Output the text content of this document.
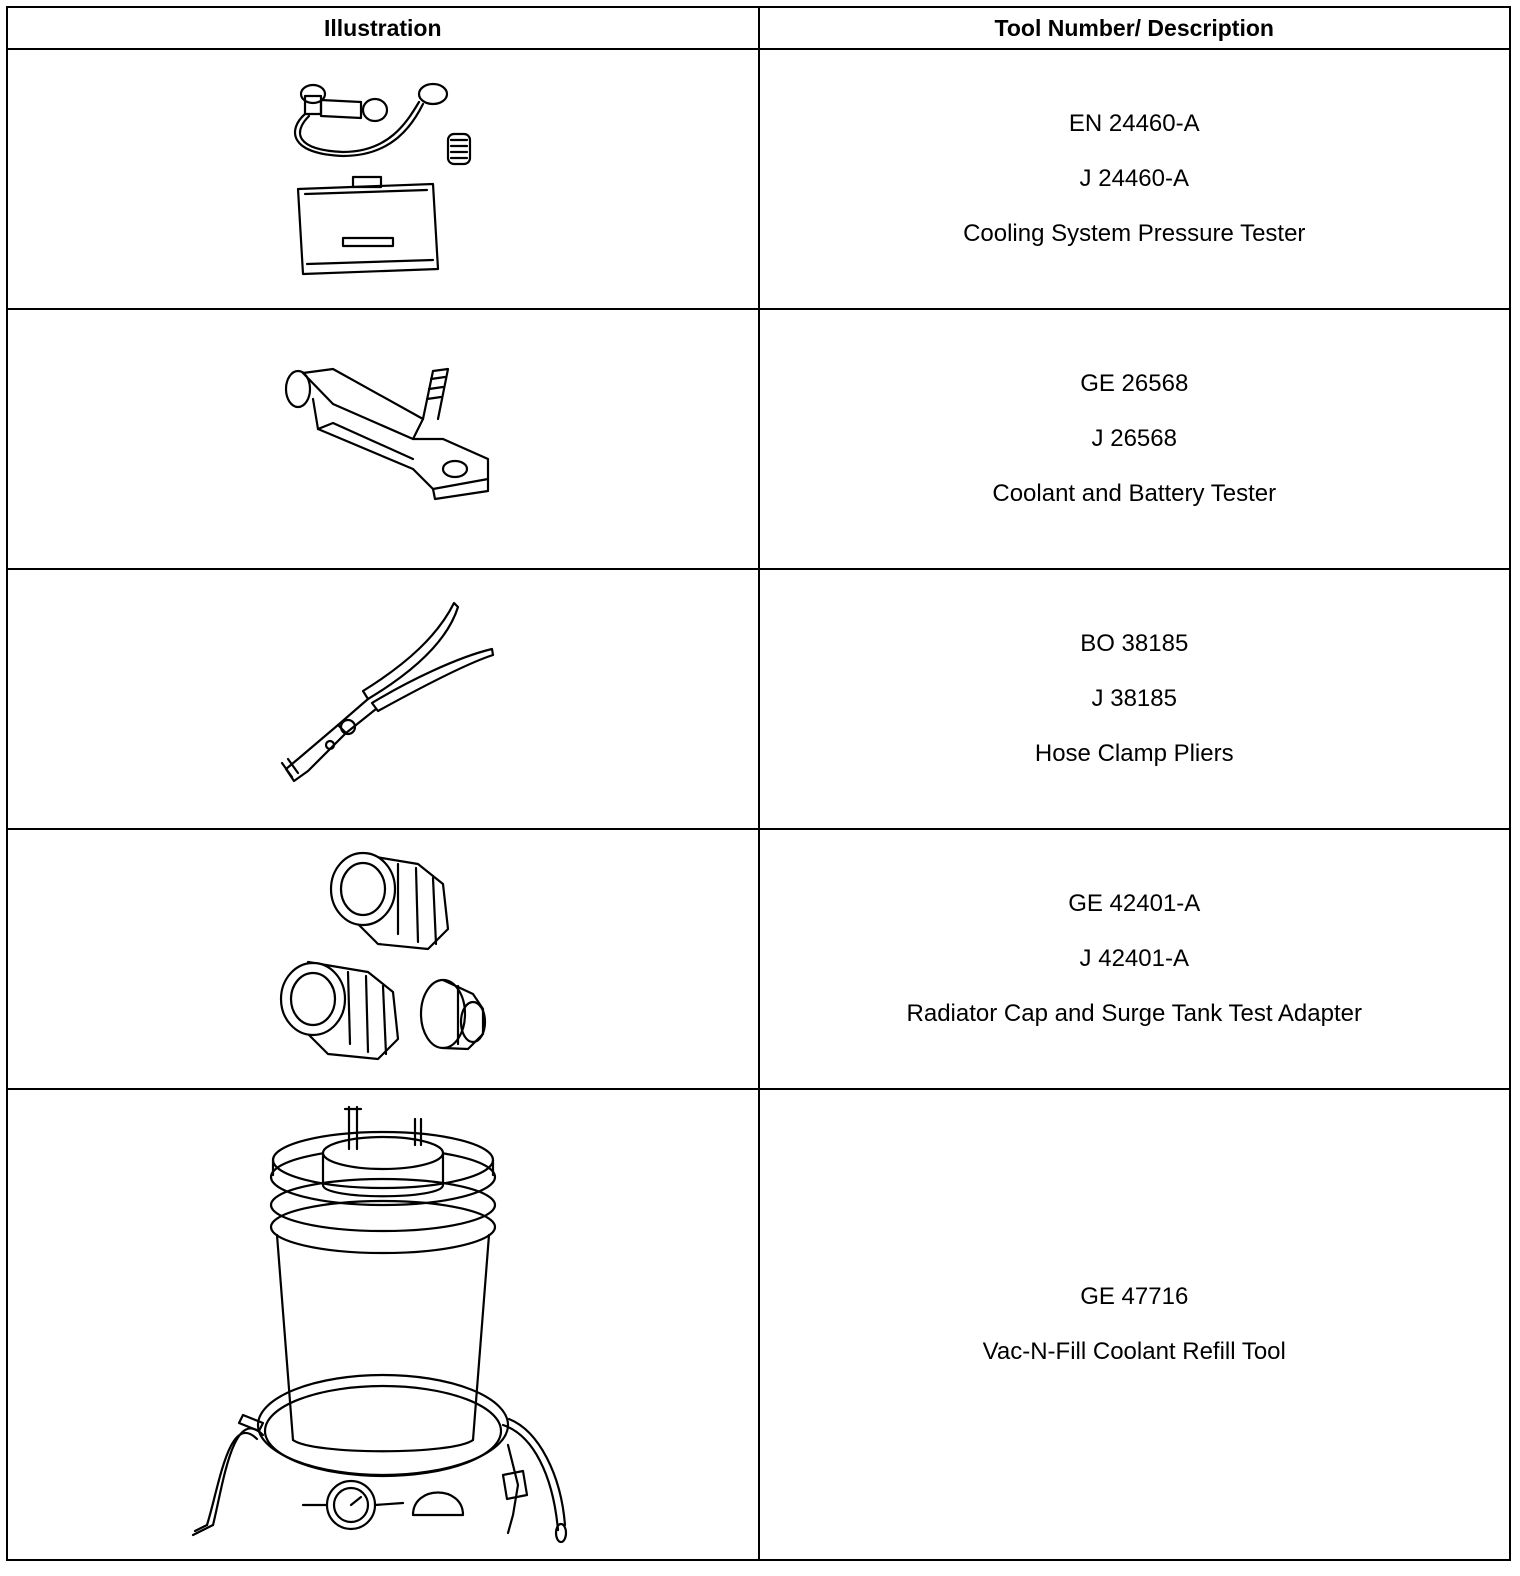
Illustration	Tool Number/ Description

EN 24460-A
J 24460-A
Cooling System Pressure Tester

GE 26568
J 26568
Coolant and Battery Tester

BO 38185
J 38185
Hose Clamp Pliers

GE 42401-A
J 42401-A
Radiator Cap and Surge Tank Test Adapter

GE 47716
Vac-N-Fill Coolant Refill Tool
